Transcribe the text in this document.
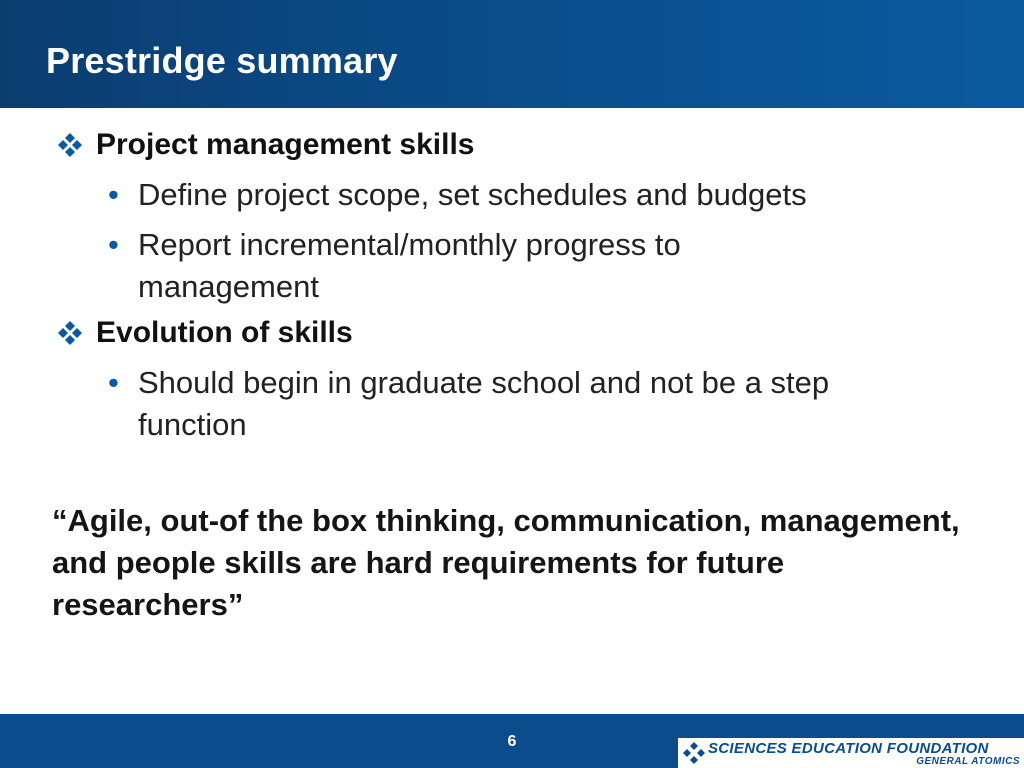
Prestridge summary
Project management skills
• Define project scope, set schedules and budgets
• Report incremental/monthly progress to management
Evolution of skills
• Should begin in graduate school and not be a step function
“Agile, out-of the box thinking, communication, management, and people skills are hard requirements for future researchers”
6	SCIENCES EDUCATION FOUNDATION
GENERAL ATOMICS
